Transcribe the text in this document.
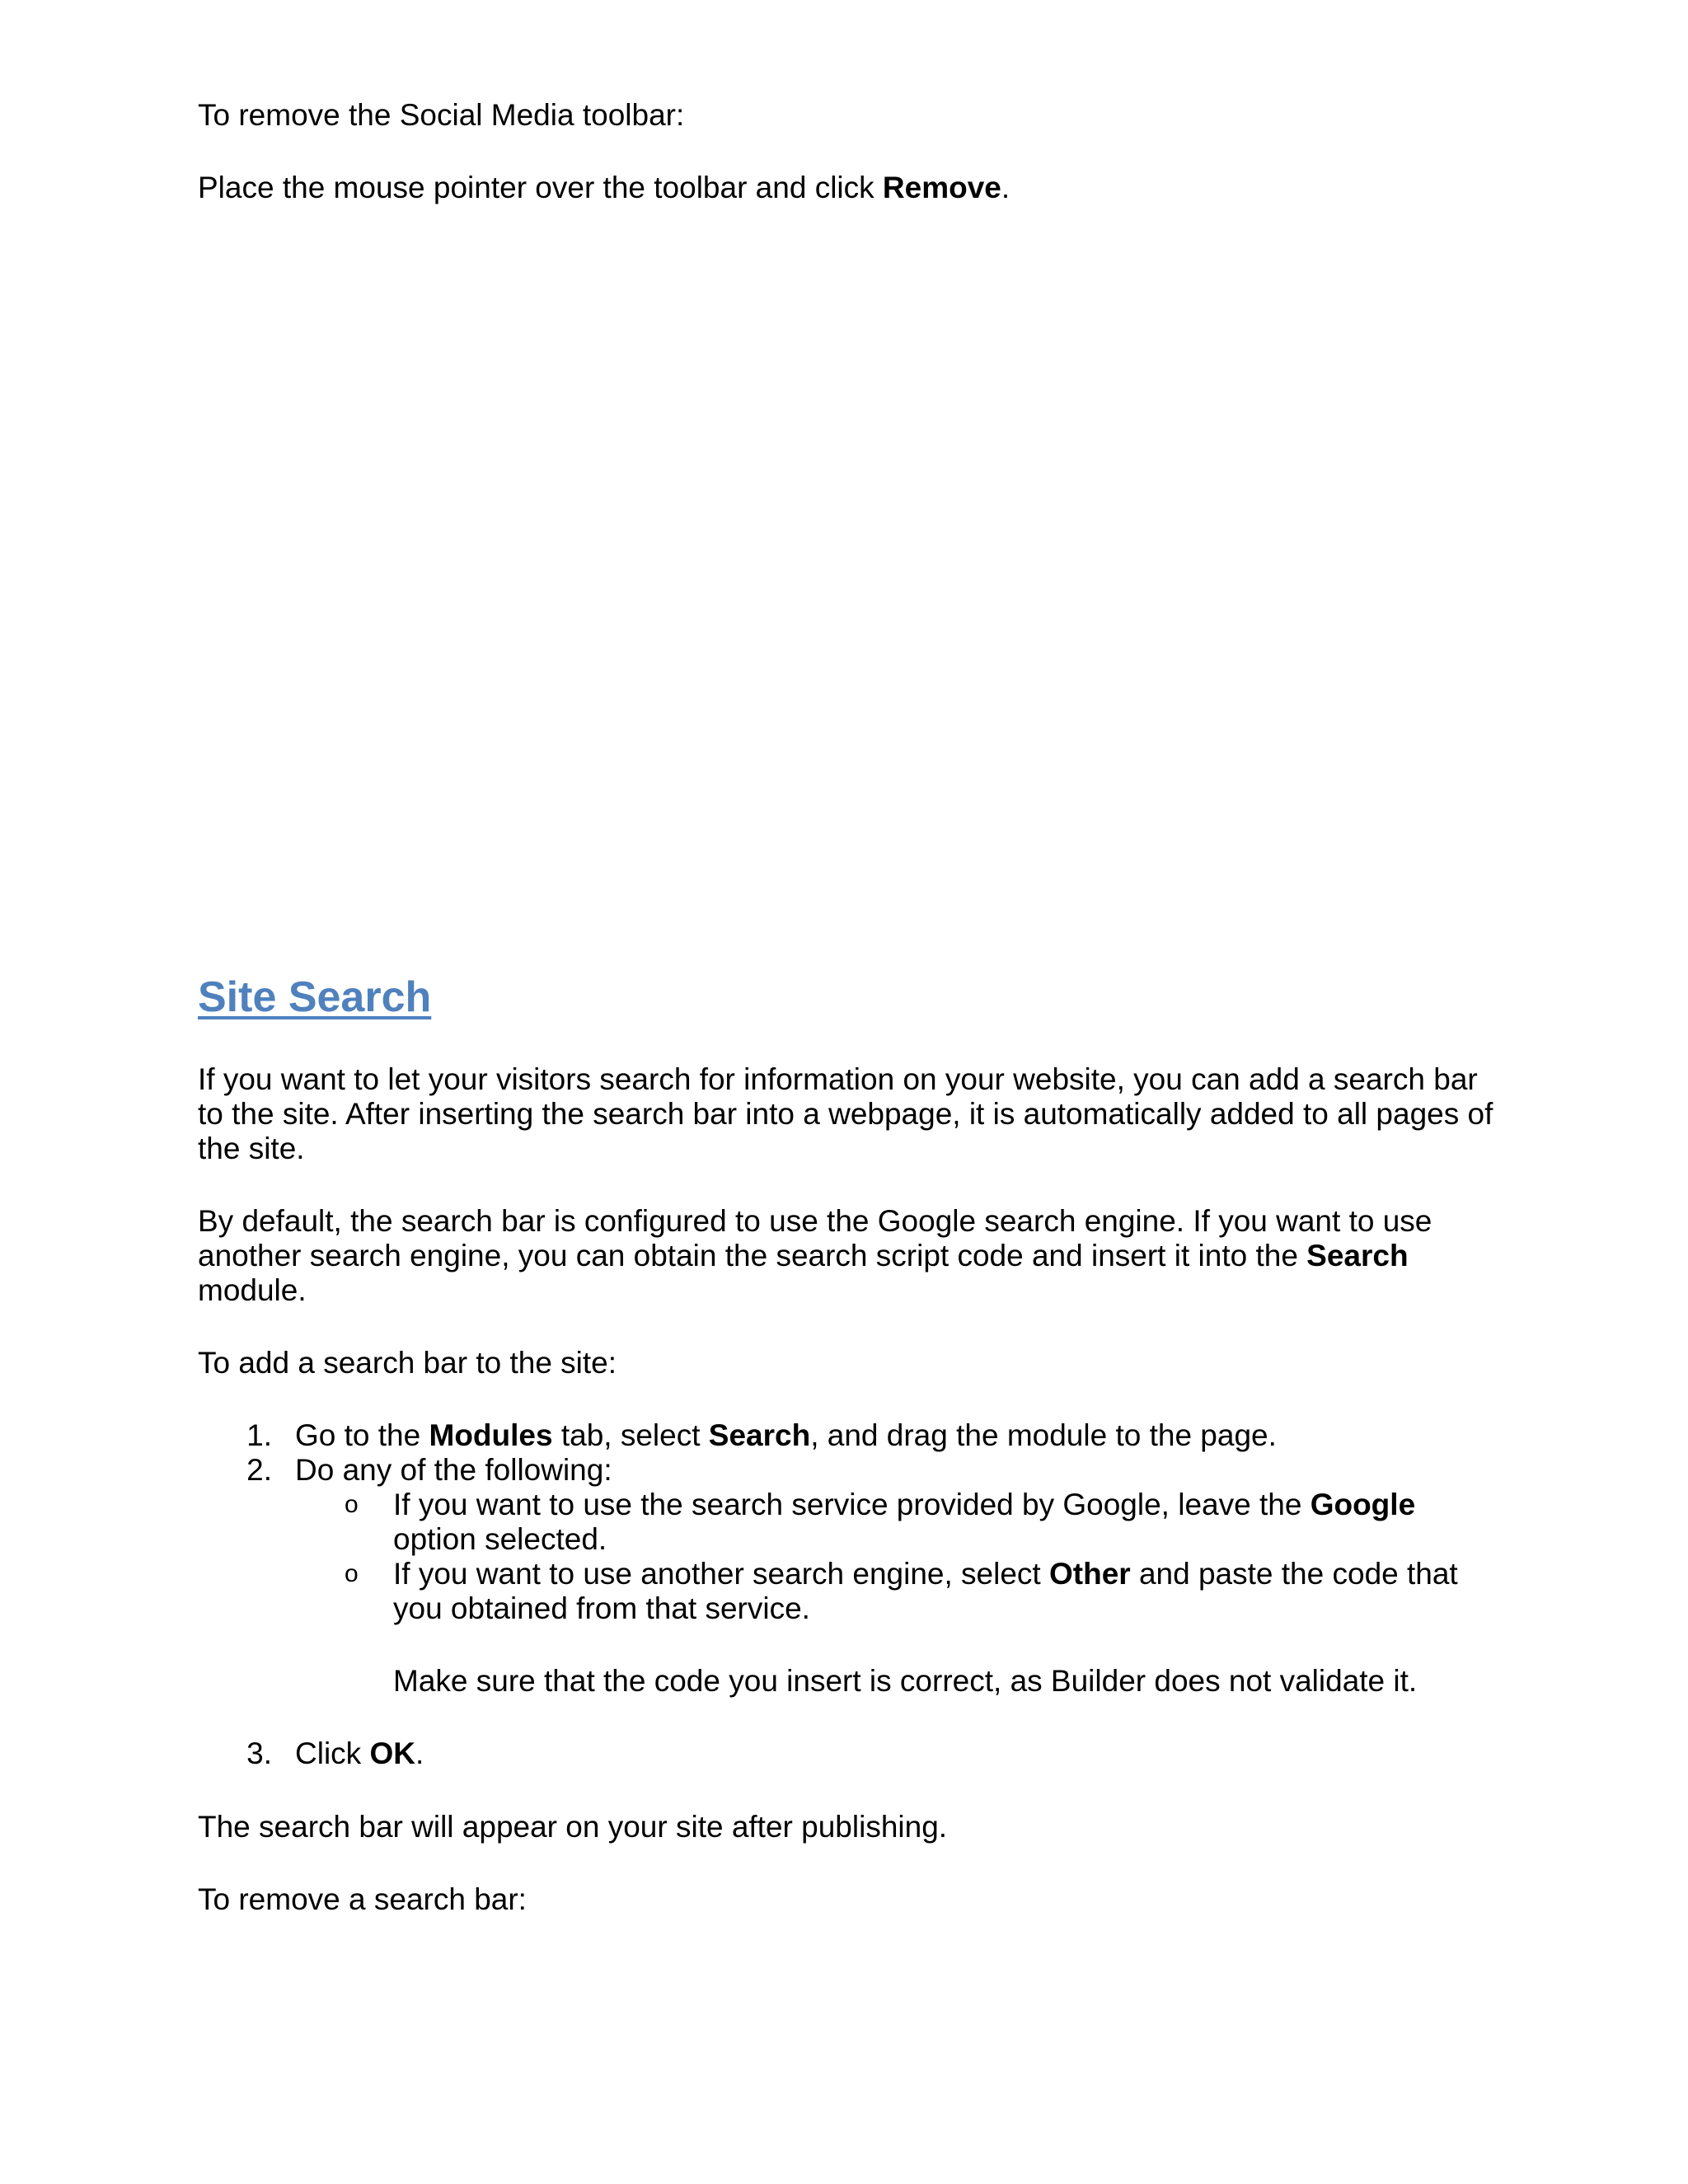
To remove the Social Media toolbar:

Place the mouse pointer over the toolbar and click Remove.

Site Search

If you want to let your visitors search for information on your website, you can add a search bar

to the site. After inserting the search bar into a webpage, it is automatically added to all pages of

the site.

By default, the search bar is configured to use the Google search engine. If you want to use

another search engine, you can obtain the search script code and insert it into the Search

module.

To add a search bar to the site:

1. Go to the Modules tab, select Search, and drag the module to the page.

2. Do any of the following:

o If you want to use the search service provided by Google, leave the Google

option selected.

o If you want to use another search engine, select Other and paste the code that

you obtained from that service.

Make sure that the code you insert is correct, as Builder does not validate it.

3. Click OK.

The search bar will appear on your site after publishing.

To remove a search bar:
